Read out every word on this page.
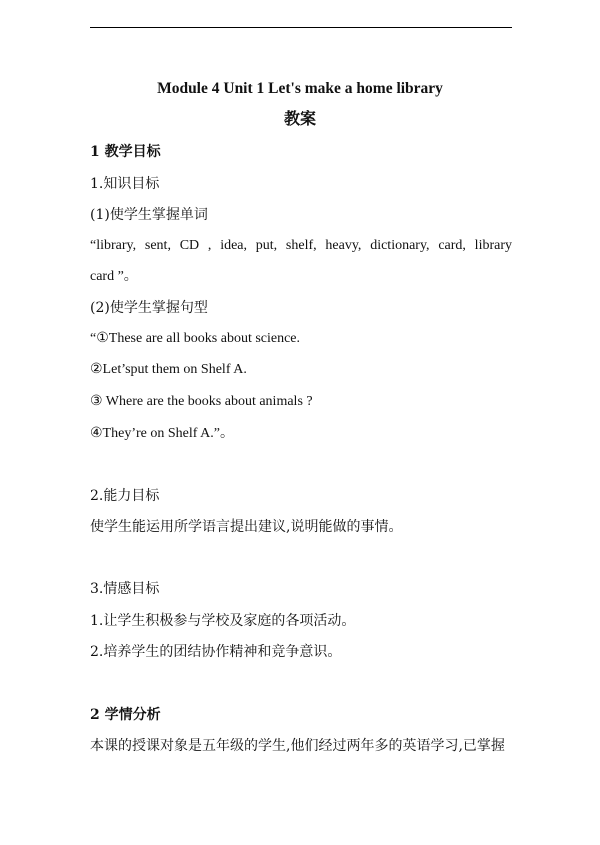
Module 4 Unit 1 Let's make a home library
教案
1 教学目标
1.知识目标
(1)使学生掌握单词
“library, sent, CD , idea, put, shelf, heavy, dictionary, card, library
card ”。
(2)使学生掌握句型
“①These are all books about science.
②Let’sput them on Shelf A.
③ Where are the books about animals ?
④They’re on Shelf A.”。
2.能力目标
使学生能运用所学语言提出建议,说明能做的事情。
3.情感目标
1.让学生积极参与学校及家庭的各项活动。
2.培养学生的团结协作精神和竞争意识。
2 学情分析
本课的授课对象是五年级的学生,他们经过两年多的英语学习,已掌握
